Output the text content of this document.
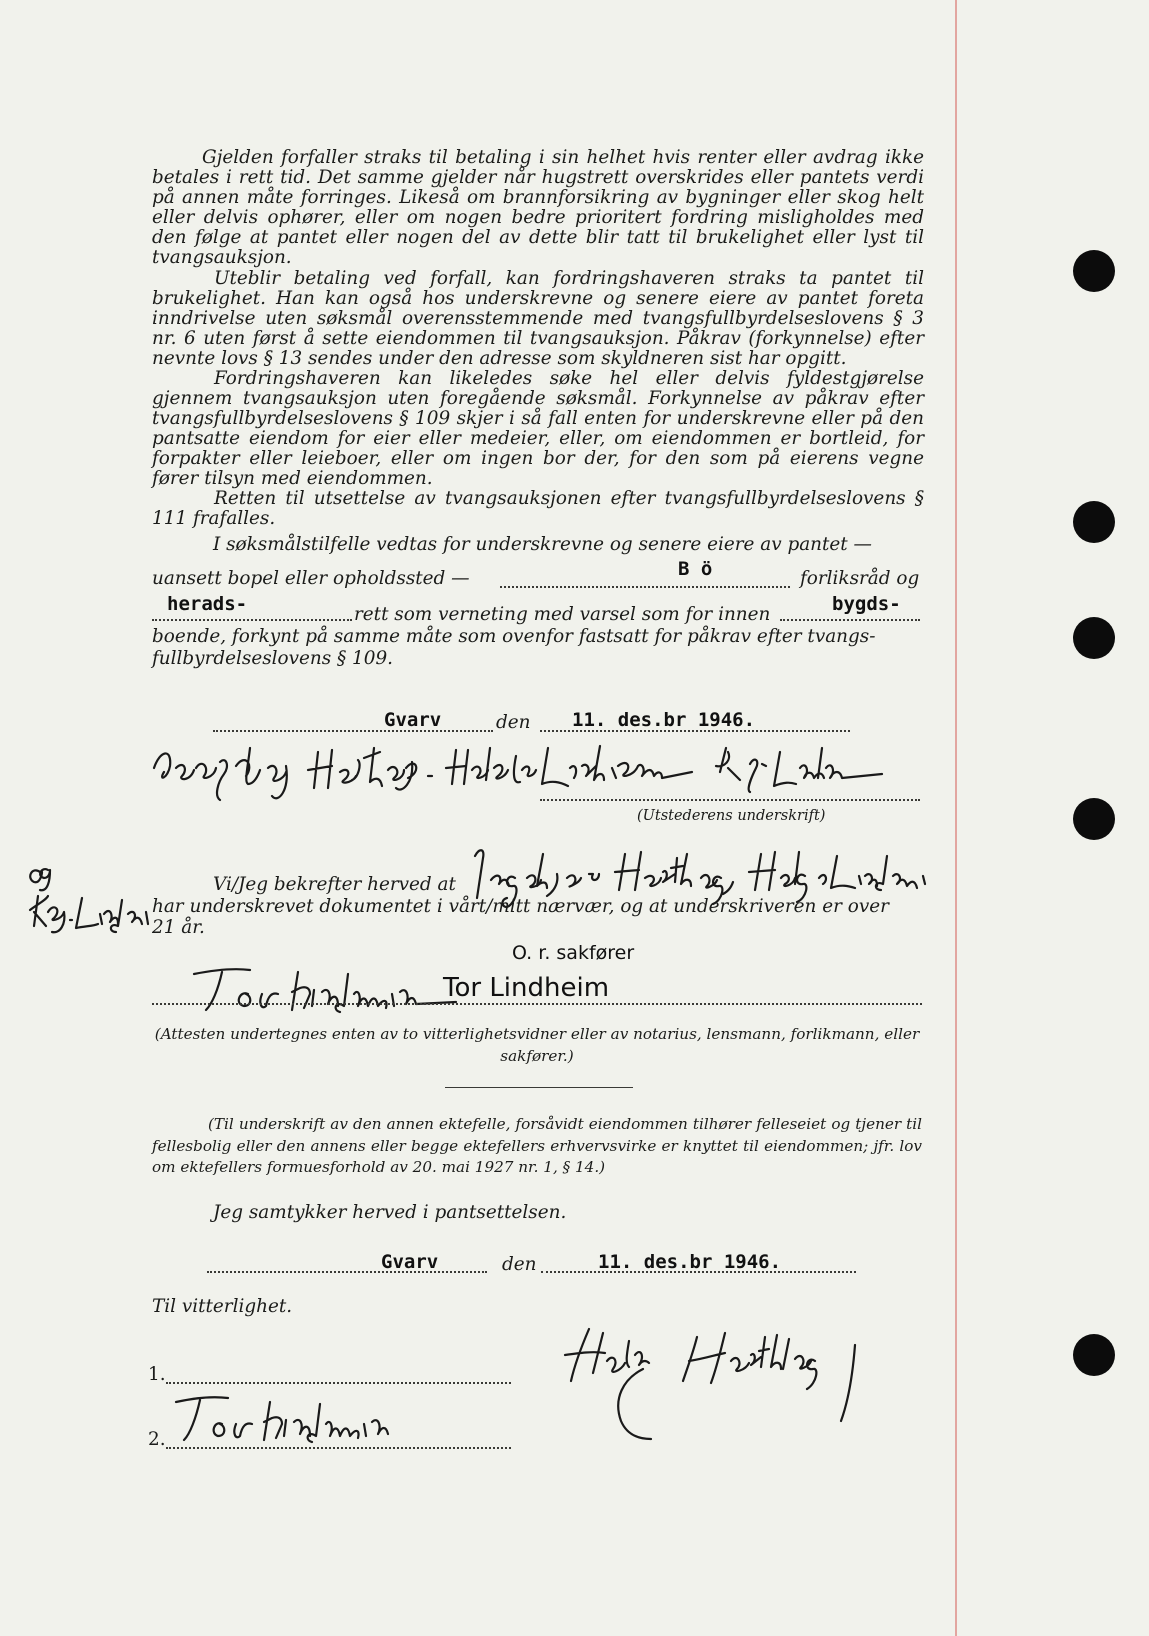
Gjelden forfaller straks til betaling i sin helhet hvis renter eller avdrag ikke betales i rett tid. Det samme gjelder når hugstrett overskrides eller pantets verdi på annen måte forringes. Likeså om brannforsikring av bygninger eller skog helt eller delvis ophører, eller om nogen bedre prioritert fordring misligholdes med den følge at pantet eller nogen del av dette blir tatt til brukelighet eller lyst til tvangsauksjon.

Uteblir betaling ved forfall, kan fordringshaveren straks ta pantet til brukelighet. Han kan også hos underskrevne og senere eiere av pantet foreta inndrivelse uten søksmål overensstemmende med tvangsfullbyrdelseslovens § 3 nr. 6 uten først å sette eiendommen til tvangsauksjon. Påkrav (forkynnelse) efter nevnte lovs § 13 sendes under den adresse som skyldneren sist har opgitt.

Fordringshaveren kan likeledes søke hel eller delvis fyldestgjørelse gjennem tvangsauksjon uten foregående søksmål. Forkynnelse av påkrav efter tvangsfullbyrdelseslovens § 109 skjer i så fall enten for underskrevne eller på den pantsatte eiendom for eier eller medeier, eller, om eiendommen er bortleid, for forpakter eller leieboer, eller om ingen bor der, for den som på eierens vegne fører tilsyn med eiendommen.

Retten til utsettelse av tvangsauksjonen efter tvangsfullbyrdelseslovens § 111 frafalles.

I søksmålstilfelle vedtas for underskrevne og senere eiere av pantet —
uansett bopel eller opholdssted —	B ö	forliksråd og
herads-	rett som verneting med varsel som for innen	bygds-
boende, forkynt på samme måte som ovenfor fastsatt for påkrav efter tvangs-
fullbyrdelseslovens § 109.
Gvarv	den 11. des.br 1946.
(Utstederens underskrift)
Vi/Jeg bekrefter herved at
har underskrevet dokumentet i vårt/mitt nærvær, og at underskriveren er over
21 år.
O. r. sakfører
Tor Lindheim

(Attesten undertegnes enten av to vitterlighetsvidner eller av notarius, lensmann, forlikmann, eller sakfører.)

(Til underskrift av den annen ektefelle, forsåvidt eiendommen tilhører felleseiet og tjener til fellesbolig eller den annens eller begge ektefellers erhvervsvirke er knyttet til eiendommen; jfr. lov om ektefellers formuesforhold av 20. mai 1927 nr. 1, § 14.)

Jeg samtykker herved i pantsettelsen.
Gvarv	den	11. des.br 1946.
Til vitterlighet.
1.
2.
